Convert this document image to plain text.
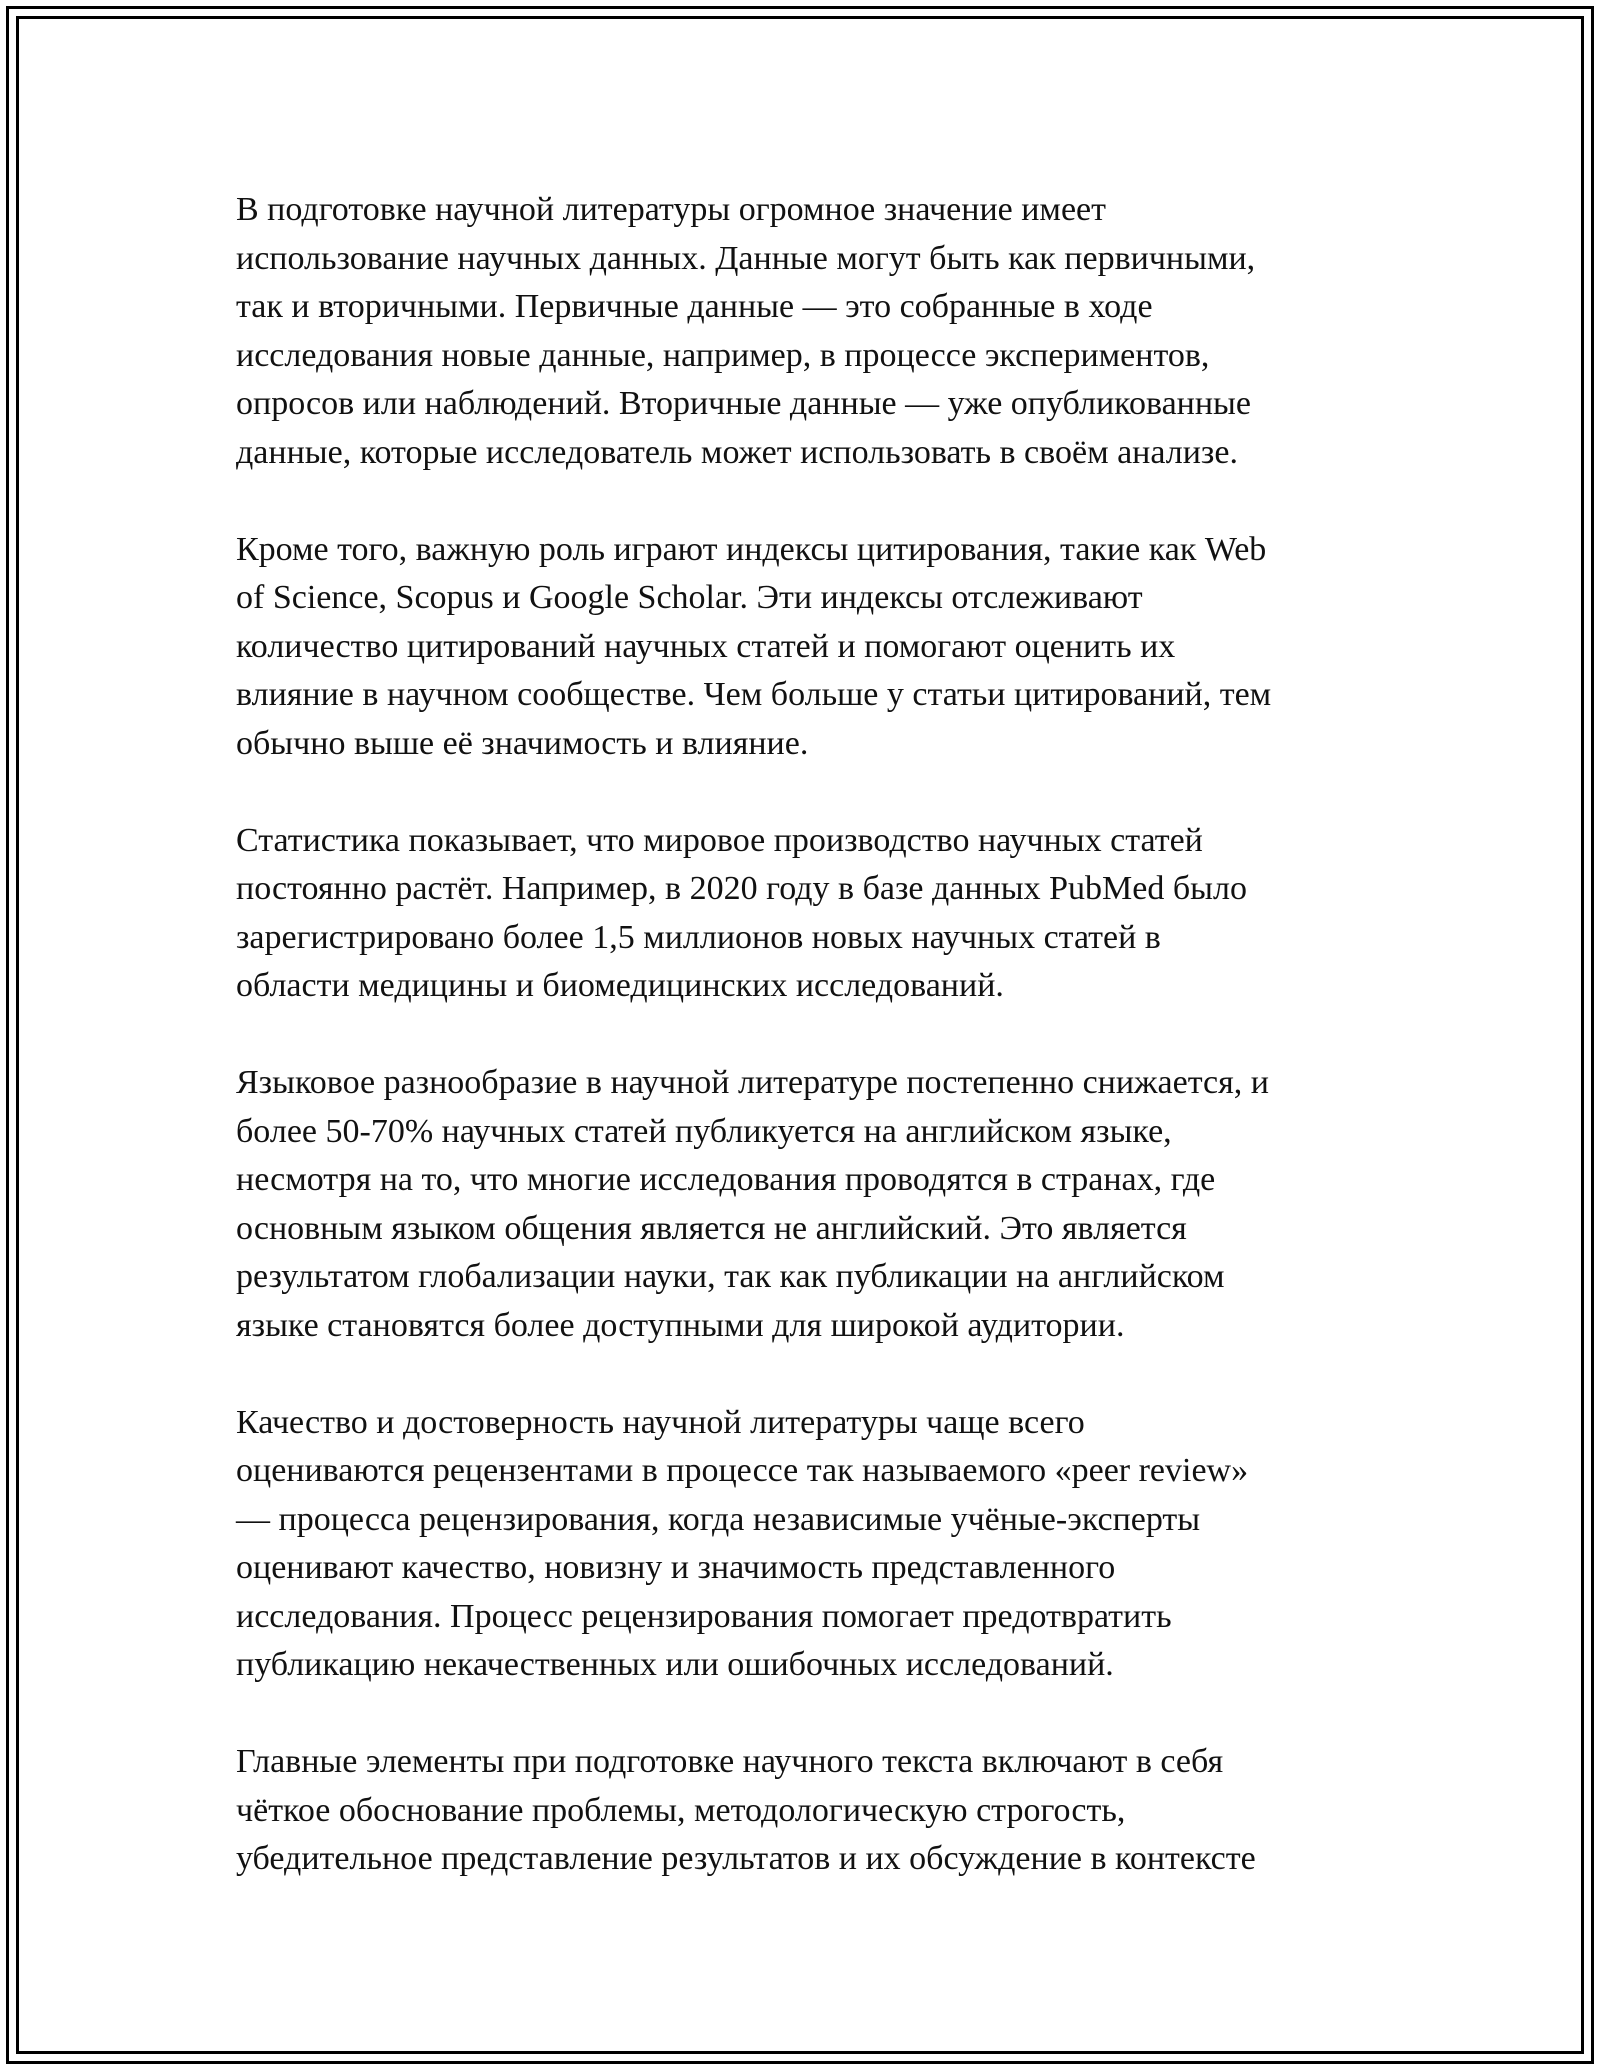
В подготовке научной литературы огромное значение имеет
использование научных данных. Данные могут быть как первичными,
так и вторичными. Первичные данные — это собранные в ходе
исследования новые данные, например, в процессе экспериментов,
опросов или наблюдений. Вторичные данные — уже опубликованные
данные, которые исследователь может использовать в своём анализе.

Кроме того, важную роль играют индексы цитирования, такие как Web
of Science, Scopus и Google Scholar. Эти индексы отслеживают
количество цитирований научных статей и помогают оценить их
влияние в научном сообществе. Чем больше у статьи цитирований, тем
обычно выше её значимость и влияние.

Статистика показывает, что мировое производство научных статей
постоянно растёт. Например, в 2020 году в базе данных PubMed было
зарегистрировано более 1,5 миллионов новых научных статей в
области медицины и биомедицинских исследований.

Языковое разнообразие в научной литературе постепенно снижается, и
более 50-70% научных статей публикуется на английском языке,
несмотря на то, что многие исследования проводятся в странах, где
основным языком общения является не английский. Это является
результатом глобализации науки, так как публикации на английском
языке становятся более доступными для широкой аудитории.

Качество и достоверность научной литературы чаще всего
оцениваются рецензентами в процессе так называемого «peer review»
— процесса рецензирования, когда независимые учёные-эксперты
оценивают качество, новизну и значимость представленного
исследования. Процесс рецензирования помогает предотвратить
публикацию некачественных или ошибочных исследований.

Главные элементы при подготовке научного текста включают в себя
чёткое обоснование проблемы, методологическую строгость,
убедительное представление результатов и их обсуждение в контексте
